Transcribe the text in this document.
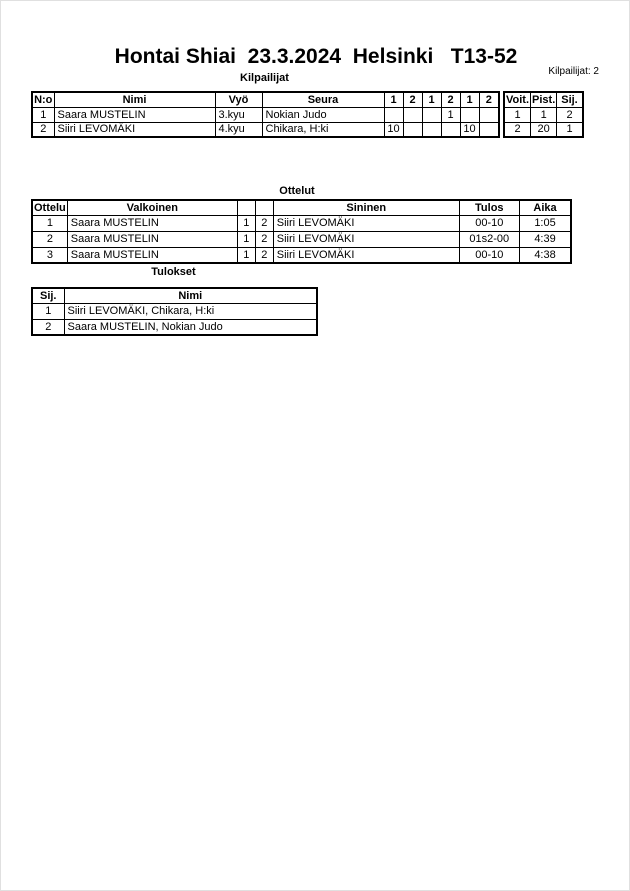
Hontai Shiai  23.3.2024  Helsinki   T13-52
Kilpailijat: 2
Kilpailijat
N:o	Nimi	Vyö	Seura	1	2	1	2	1	2
1	Saara MUSTELIN	3.kyu	Nokian Judo				1		
2	Siiri LEVOMÄKI	4.kyu	Chikara, H:ki	10				10	
Voit.	Pist.	Sij.
1	1	2
2	20	1
Ottelut
Ottelu	Valkoinen			Sininen	Tulos	Aika
1	Saara MUSTELIN	1	2	Siiri LEVOMÄKI	00-10	1:05
2	Saara MUSTELIN	1	2	Siiri LEVOMÄKI	01s2-00	4:39
3	Saara MUSTELIN	1	2	Siiri LEVOMÄKI	00-10	4:38
Tulokset
Sij.	Nimi
1	Siiri LEVOMÄKI, Chikara, H:ki
2	Saara MUSTELIN, Nokian Judo
